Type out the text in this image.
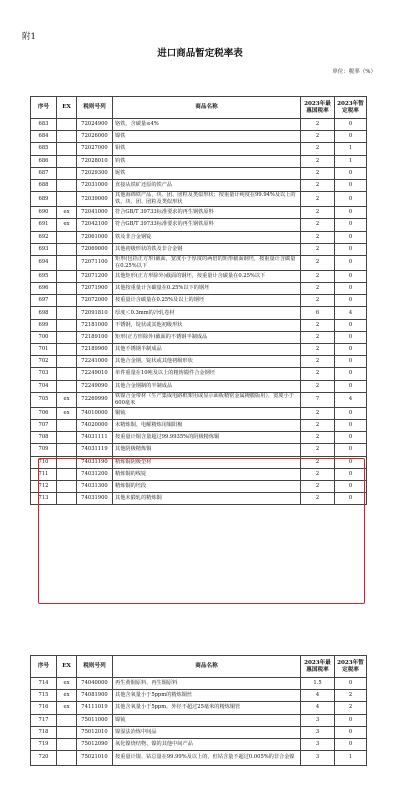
附1
进口商品暂定税率表
单位：税率（%）
序号	EX	税则号列	商品名称	2023年最惠国税率	2023年暂定税率
683		72024900	铬铁，含碳量≤4%	2	0
684		72026000	镍铁	2	0
685		72027000	钼铁	2	1
686		72028010	钨铁	2	1
687		72029300	铌铁	2	0
688		72031000	直接从铁矿还原的铁产品	2	0
689		72039000	其他海绵铁产品，块、团、团粒及类似形状；按重量计纯度在99.94%及以上的铁，块、团、团粒及类似形状	2	0
690	ex	72041000	符合GB/T 39733标准要求的再生钢铁原料	2	0
691	ex	72042100	符合GB/T 39733标准要求的再生钢铁原料	2	0
692		72061000	铁及非合金钢锭	2	0
693		72069000	其他初级形状的铁及非合金钢	2	0
694		72071100	矩形(包括正方形)截面，宽度小于厚度的两倍的矩形截面钢坯，按重量计含碳量在0.25%以下	2	0
695		72071200	其他矩形(正方形除外)截面的钢坯，按重量计含碳量在0.25%以下	2	0
696		72071900	其他按重量计含碳量在0.25%以下的钢坯	2	0
697		72072000	按重量计含碳量在0.25%及以上的钢坯	2	0
698		72091810	厚度＜0.3mm的冷轧卷材	6	4
699		72181000	不锈钢，锭状或其他初级形状	2	0
700		72189100	矩形(正方形除外)截面的不锈钢半制成品	2	0
701		72189900	其他不锈钢半制成品	2	0
702		72241000	其他合金钢，锭状或其他初级形状	2	0
703		72249010	单件重量在10吨及以上的粗铸锻件合金钢坯	2	0
704		72249090	其他合金钢制的半制成品	2	0
705	ex	72269990	铁镍合金带材（生产集成电路框架用或显示面板精密金属掩膜版用），宽度小于600毫米	7	4
706	ex	74010000	铜锍	2	0
707		74020000	未精炼铜、电解精炼用铜阳极	2	0
708		74031111	按重量计铜含量超过99.9935%的阴极精炼铜	2	0
709		74031119	其他阴极精炼铜	2	0
710		74031190	精炼铜阴极型材	2	0
711		74031200	精炼铜的线锭	2	0
712		74031300	精炼铜的坯段	2	0
713		74031900	其他未锻轧的精炼铜	2	0
序号	EX	税则号列	商品名称	2023年最惠国税率	2023年暂定税率
714	ex	74040000	再生黄铜原料、再生铜原料	1.5	0
715	ex	74081900	其他含氧量小于5ppm的精炼铜丝	4	2
716	ex	74111019	其他含氧量小于5ppm，外径不超过25毫米的精炼铜管	4	2
717		75011000	镍锍	3	0
718		75012010	镍湿法冶炼中间品	3	0
719		75012090	氧化镍烧结物、镍的其他中间产品	3	0
720		75021010	按重量计镍、钴总量在99.99%及以上的，但钴含量不超过0.005%的非合金镍	3	1
